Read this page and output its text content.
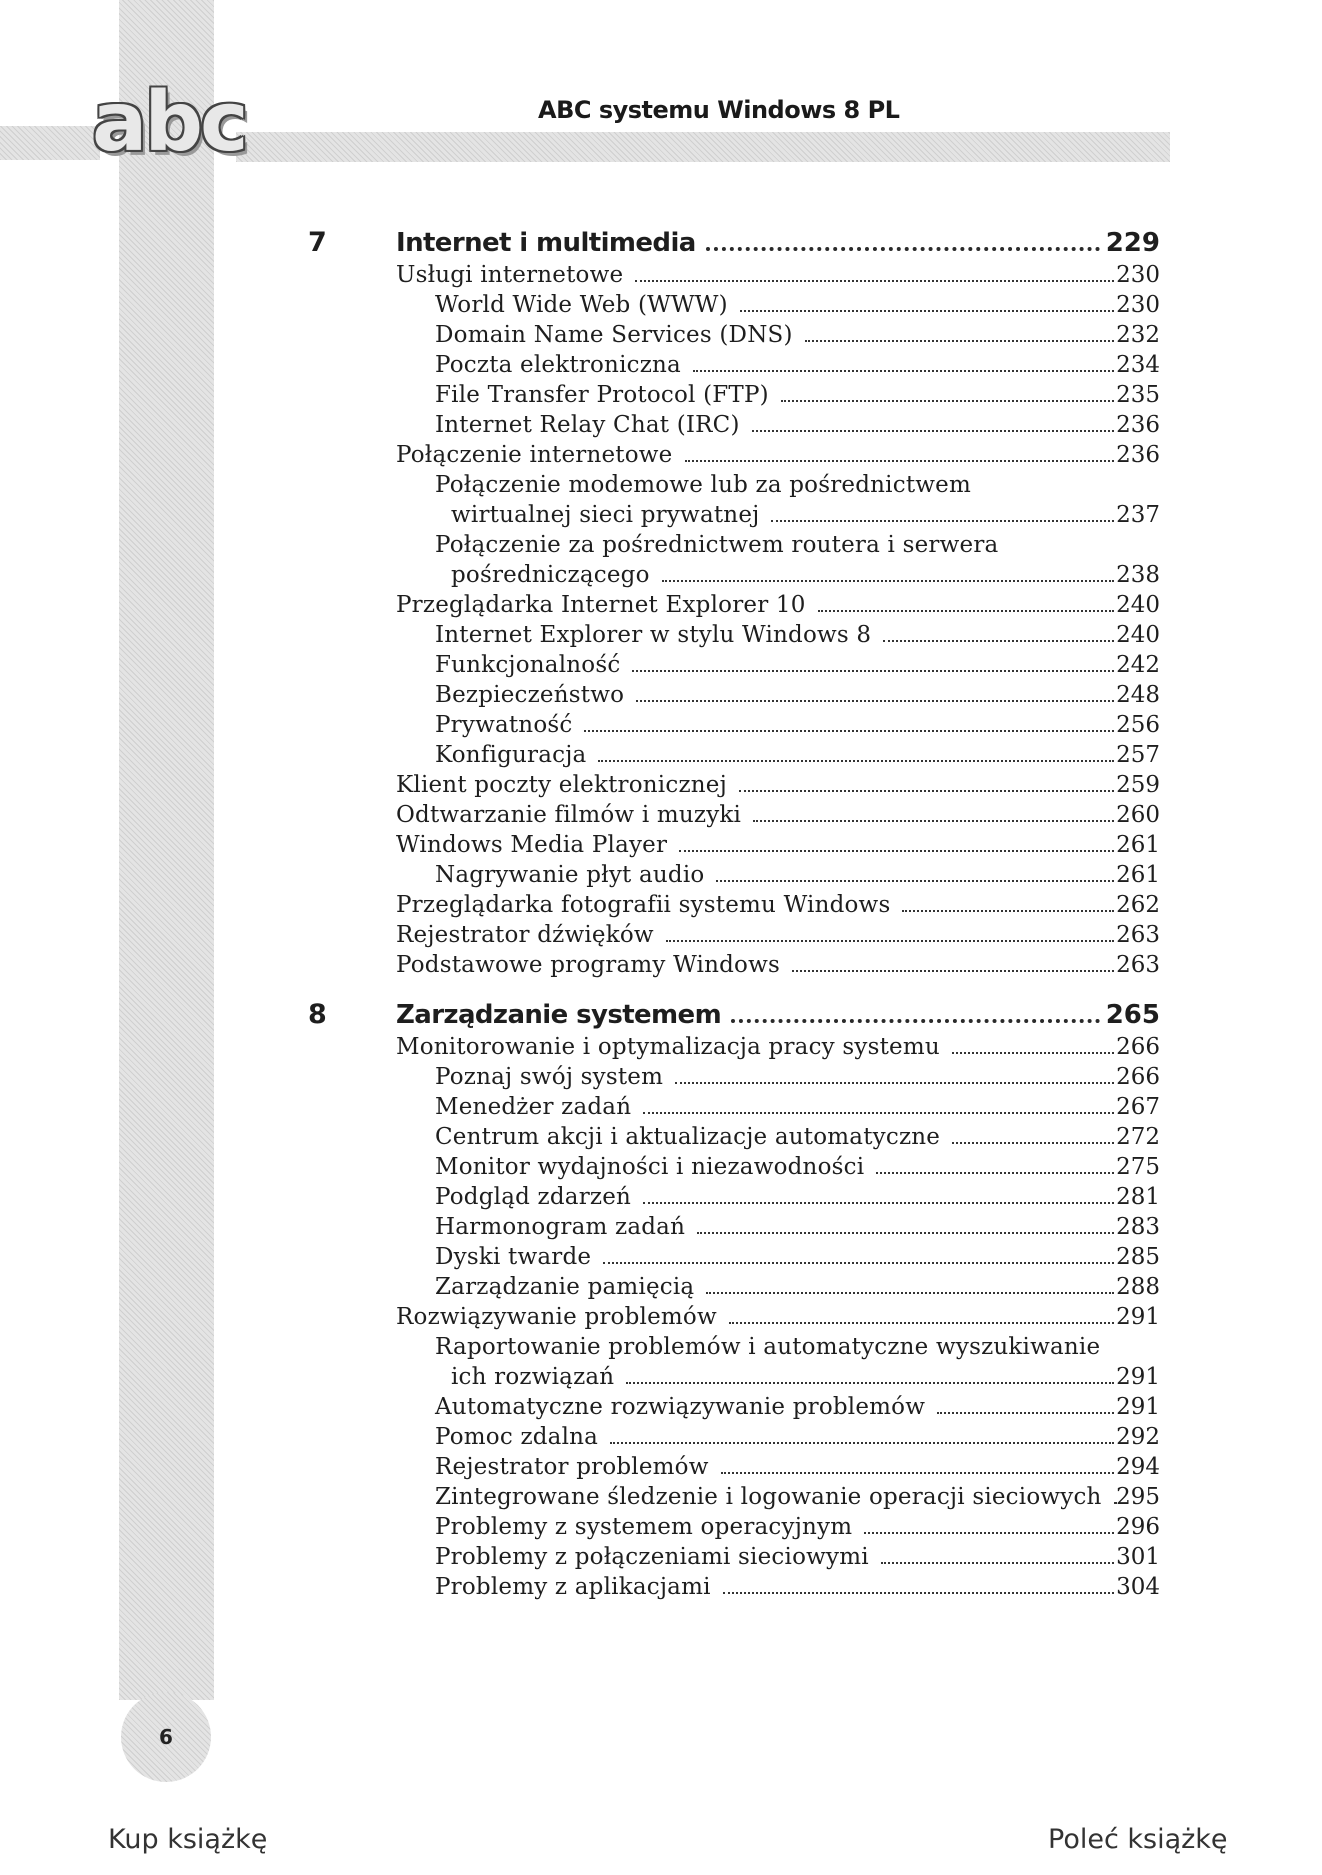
abc	ABC systemu Windows 8 PL
7	Internet i multimedia	229
Usługi internetowe	230
World Wide Web (WWW)	230
Domain Name Services (DNS)	232
Poczta elektroniczna	234
File Transfer Protocol (FTP)	235
Internet Relay Chat (IRC)	236
Połączenie internetowe	236
Połączenie modemowe lub za pośrednictwem
wirtualnej sieci prywatnej	237
Połączenie za pośrednictwem routera i serwera
pośredniczącego	238
Przeglądarka Internet Explorer 10	240
Internet Explorer w stylu Windows 8	240
Funkcjonalność	242
Bezpieczeństwo	248
Prywatność	256
Konfiguracja	257
Klient poczty elektronicznej	259
Odtwarzanie filmów i muzyki	260
Windows Media Player	261
Nagrywanie płyt audio	261
Przeglądarka fotografii systemu Windows	262
Rejestrator dźwięków	263
Podstawowe programy Windows	263
8	Zarządzanie systemem	265
Monitorowanie i optymalizacja pracy systemu	266
Poznaj swój system	266
Menedżer zadań	267
Centrum akcji i aktualizacje automatyczne	272
Monitor wydajności i niezawodności	275
Podgląd zdarzeń	281
Harmonogram zadań	283
Dyski twarde	285
Zarządzanie pamięcią	288
Rozwiązywanie problemów	291
Raportowanie problemów i automatyczne wyszukiwanie
ich rozwiązań	291
Automatyczne rozwiązywanie problemów	291
Pomoc zdalna	292
Rejestrator problemów	294
Zintegrowane śledzenie i logowanie operacji sieciowych 295
Problemy z systemem operacyjnym	296
Problemy z połączeniami sieciowymi	301
Problemy z aplikacjami	304
6
Kup książkę	Poleć książkę
